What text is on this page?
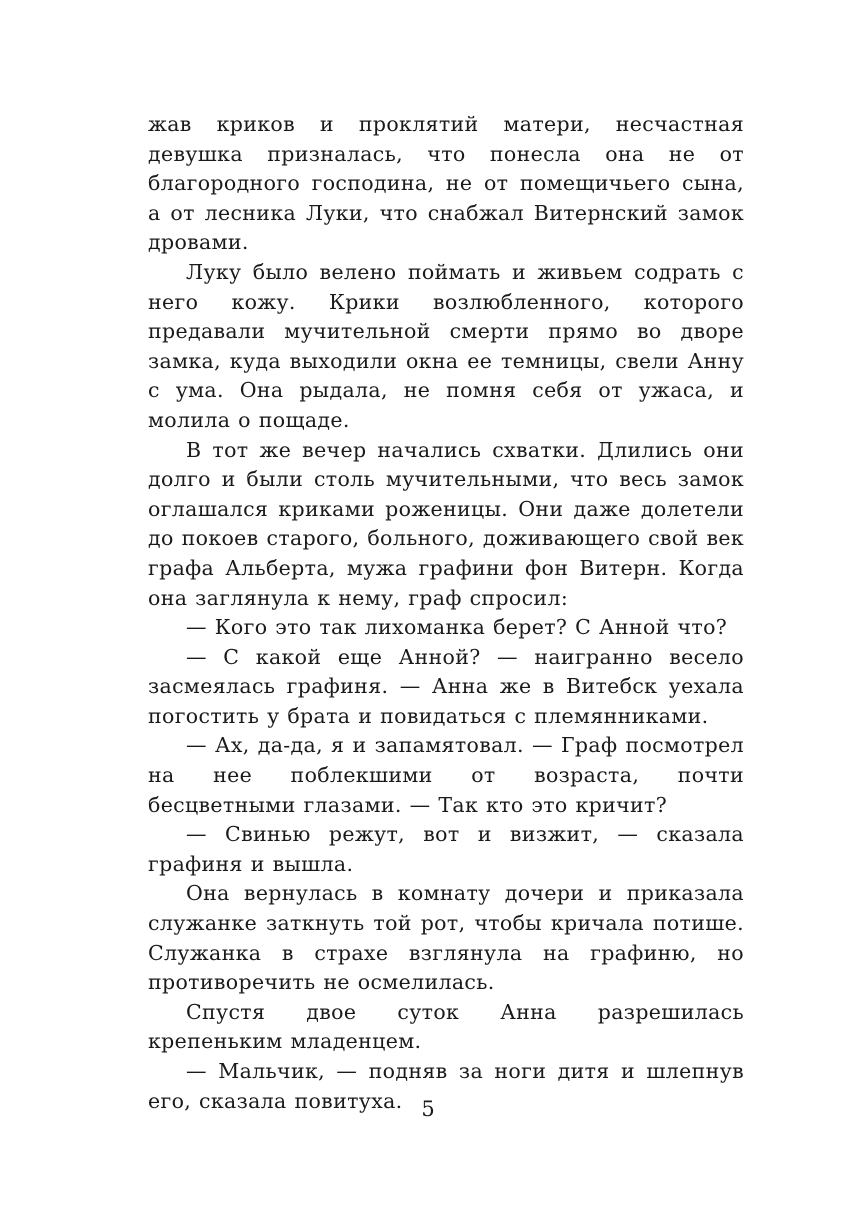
жав криков и проклятий матери, несчастная девушка призналась, что понесла она не от благородного господина, не от помещичьего сына, а от лесника Луки, что снабжал Витернский замок дровами.

Луку было велено поймать и живьем содрать с него кожу. Крики возлюбленного, которого предавали мучительной смерти прямо во дворе замка, куда выходили окна ее темницы, свели Анну с ума. Она рыдала, не помня себя от ужаса, и молила о пощаде.

В тот же вечер начались схватки. Длились они долго и были столь мучительными, что весь замок оглашался криками роженицы. Они даже долетели до покоев старого, больного, доживающего свой век графа Альберта, мужа графини фон Витерн. Когда она заглянула к нему, граф спросил:

— Кого это так лихоманка берет? С Анной что?

— С какой еще Анной? — наигранно весело засмеялась графиня. — Анна же в Витебск уехала погостить у брата и повидаться с племянниками.

— Ах, да-да, я и запамятовал. — Граф посмотрел на нее поблекшими от возраста, почти бесцветными глазами. — Так кто это кричит?

— Свинью режут, вот и визжит, — сказала графиня и вышла.

Она вернулась в комнату дочери и приказала служанке заткнуть той рот, чтобы кричала потише. Служанка в страхе взглянула на графиню, но противоречить не осмелилась.

Спустя двое суток Анна разрешилась крепеньким младенцем.

— Мальчик, — подняв за ноги дитя и шлепнув его, сказала повитуха. 5
